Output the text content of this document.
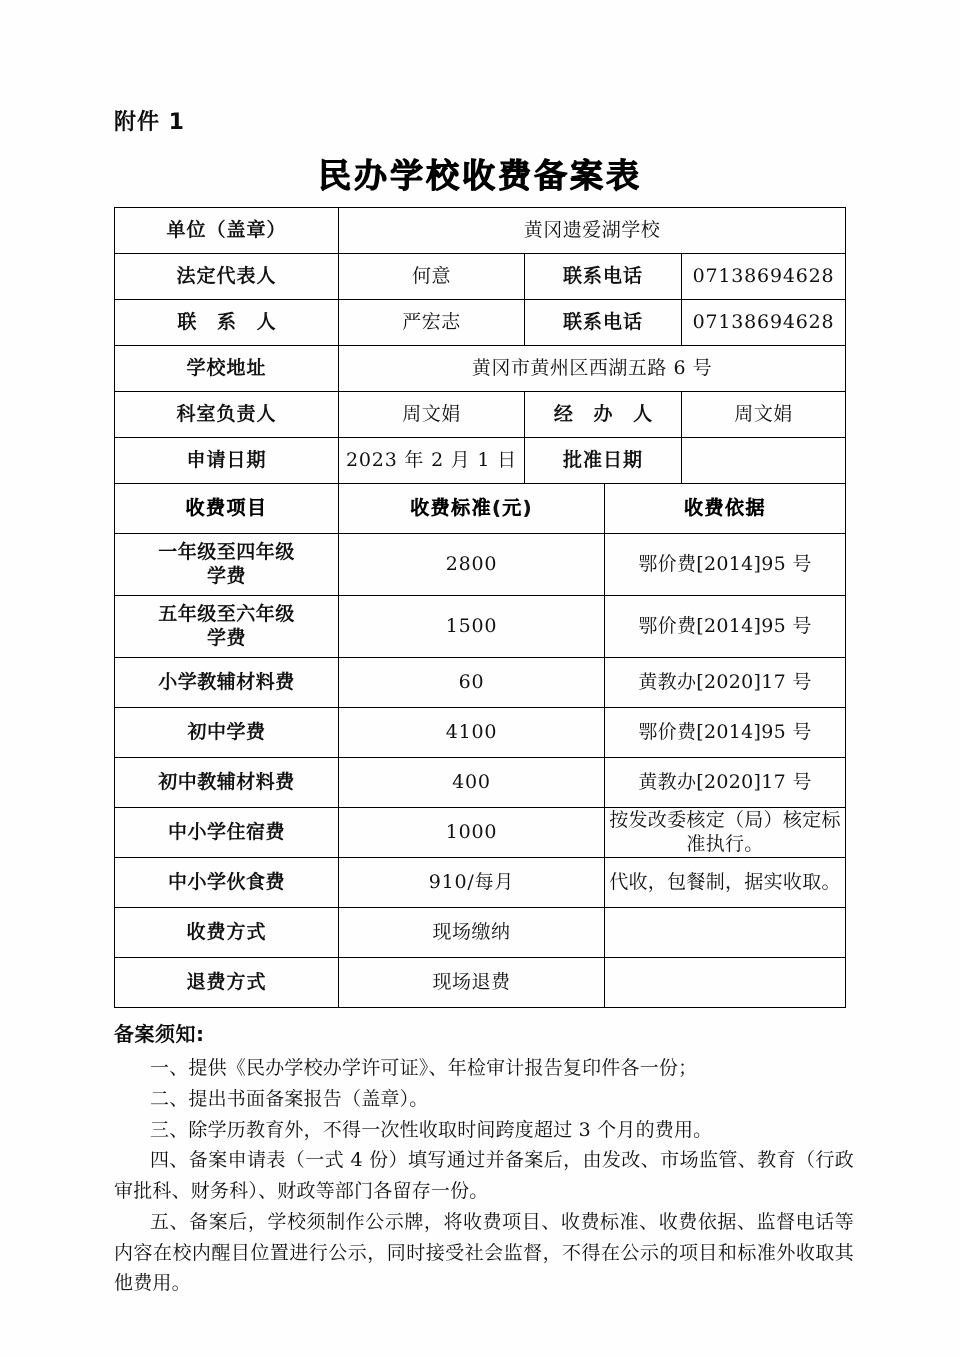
附件 1
民办学校收费备案表
单位（盖章）	黄冈遗爱湖学校			
法定代表人	何意	联系电话		07138694628
联 系 人	严宏志	联系电话		07138694628
学校地址	黄冈市黄州区西湖五路 6 号			
科室负责人	周文娟	经 办 人		周文娟
申请日期	2023 年 2 月 1 日	批准日期		
收费项目	收费标准(元)		收费依据	
一年级至四年级
学费	2800		鄂价费[2014]95 号	
五年级至六年级
学费	1500		鄂价费[2014]95 号	
小学教辅材料费	60		黄教办[2020]17 号	
初中学费	4100		鄂价费[2014]95 号	
初中教辅材料费	400		黄教办[2020]17 号	
中小学住宿费	1000		按发改委核定（局）核定标准执行。	
中小学伙食费	910/每月		代收，包餐制，据实收取。	
收费方式	现场缴纳			
退费方式	现场退费			
备案须知:
一、提供《民办学校办学许可证》、年检审计报告复印件各一份；
二、提出书面备案报告（盖章）。
三、除学历教育外，不得一次性收取时间跨度超过 3 个月的费用。
四、备案申请表（一式 4 份）填写通过并备案后，由发改、市场监管、教育（行政审批科、财务科）、财政等部门各留存一份。
五、备案后，学校须制作公示牌，将收费项目、收费标准、收费依据、监督电话等内容在校内醒目位置进行公示，同时接受社会监督，不得在公示的项目和标准外收取其他费用。
